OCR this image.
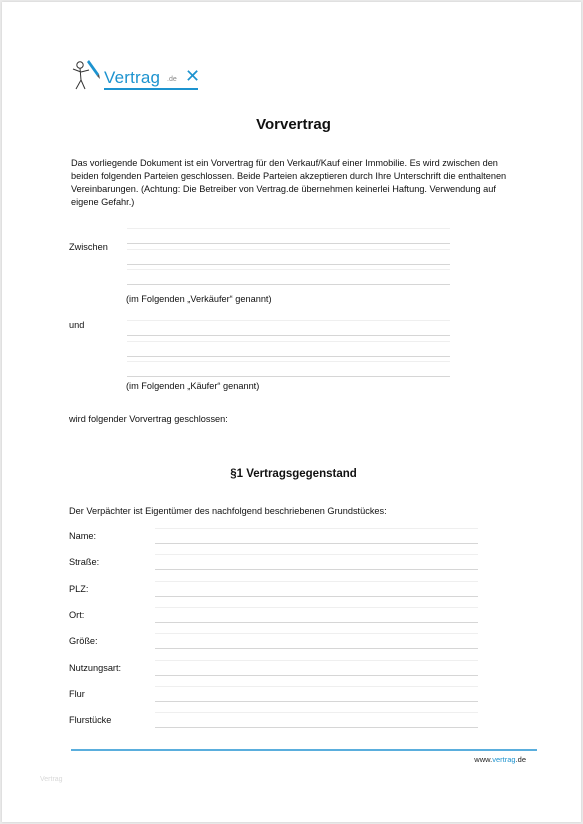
Vertrag .de ✕
Vorvertrag
Das vorliegende Dokument ist ein Vorvertrag für den Verkauf/Kauf einer Immobilie. Es wird zwischen den beiden folgenden Parteien geschlossen. Beide Parteien akzeptieren durch Ihre Unterschrift die enthaltenen Vereinbarungen. (Achtung: Die Betreiber von Vertrag.de übernehmen keinerlei Haftung. Verwendung auf eigene Gefahr.)
Zwischen
(im Folgenden „Verkäufer“ genannt)
und
(im Folgenden „Käufer“ genannt)
wird folgender Vorvertrag geschlossen:
§1 Vertragsgegenstand
Der Verpächter ist Eigentümer des nachfolgend beschriebenen Grundstückes:
Name:
Straße:
PLZ:
Ort:
Größe:
Nutzungsart:
Flur
Flurstücke
www.vertrag.de
Vertrag
